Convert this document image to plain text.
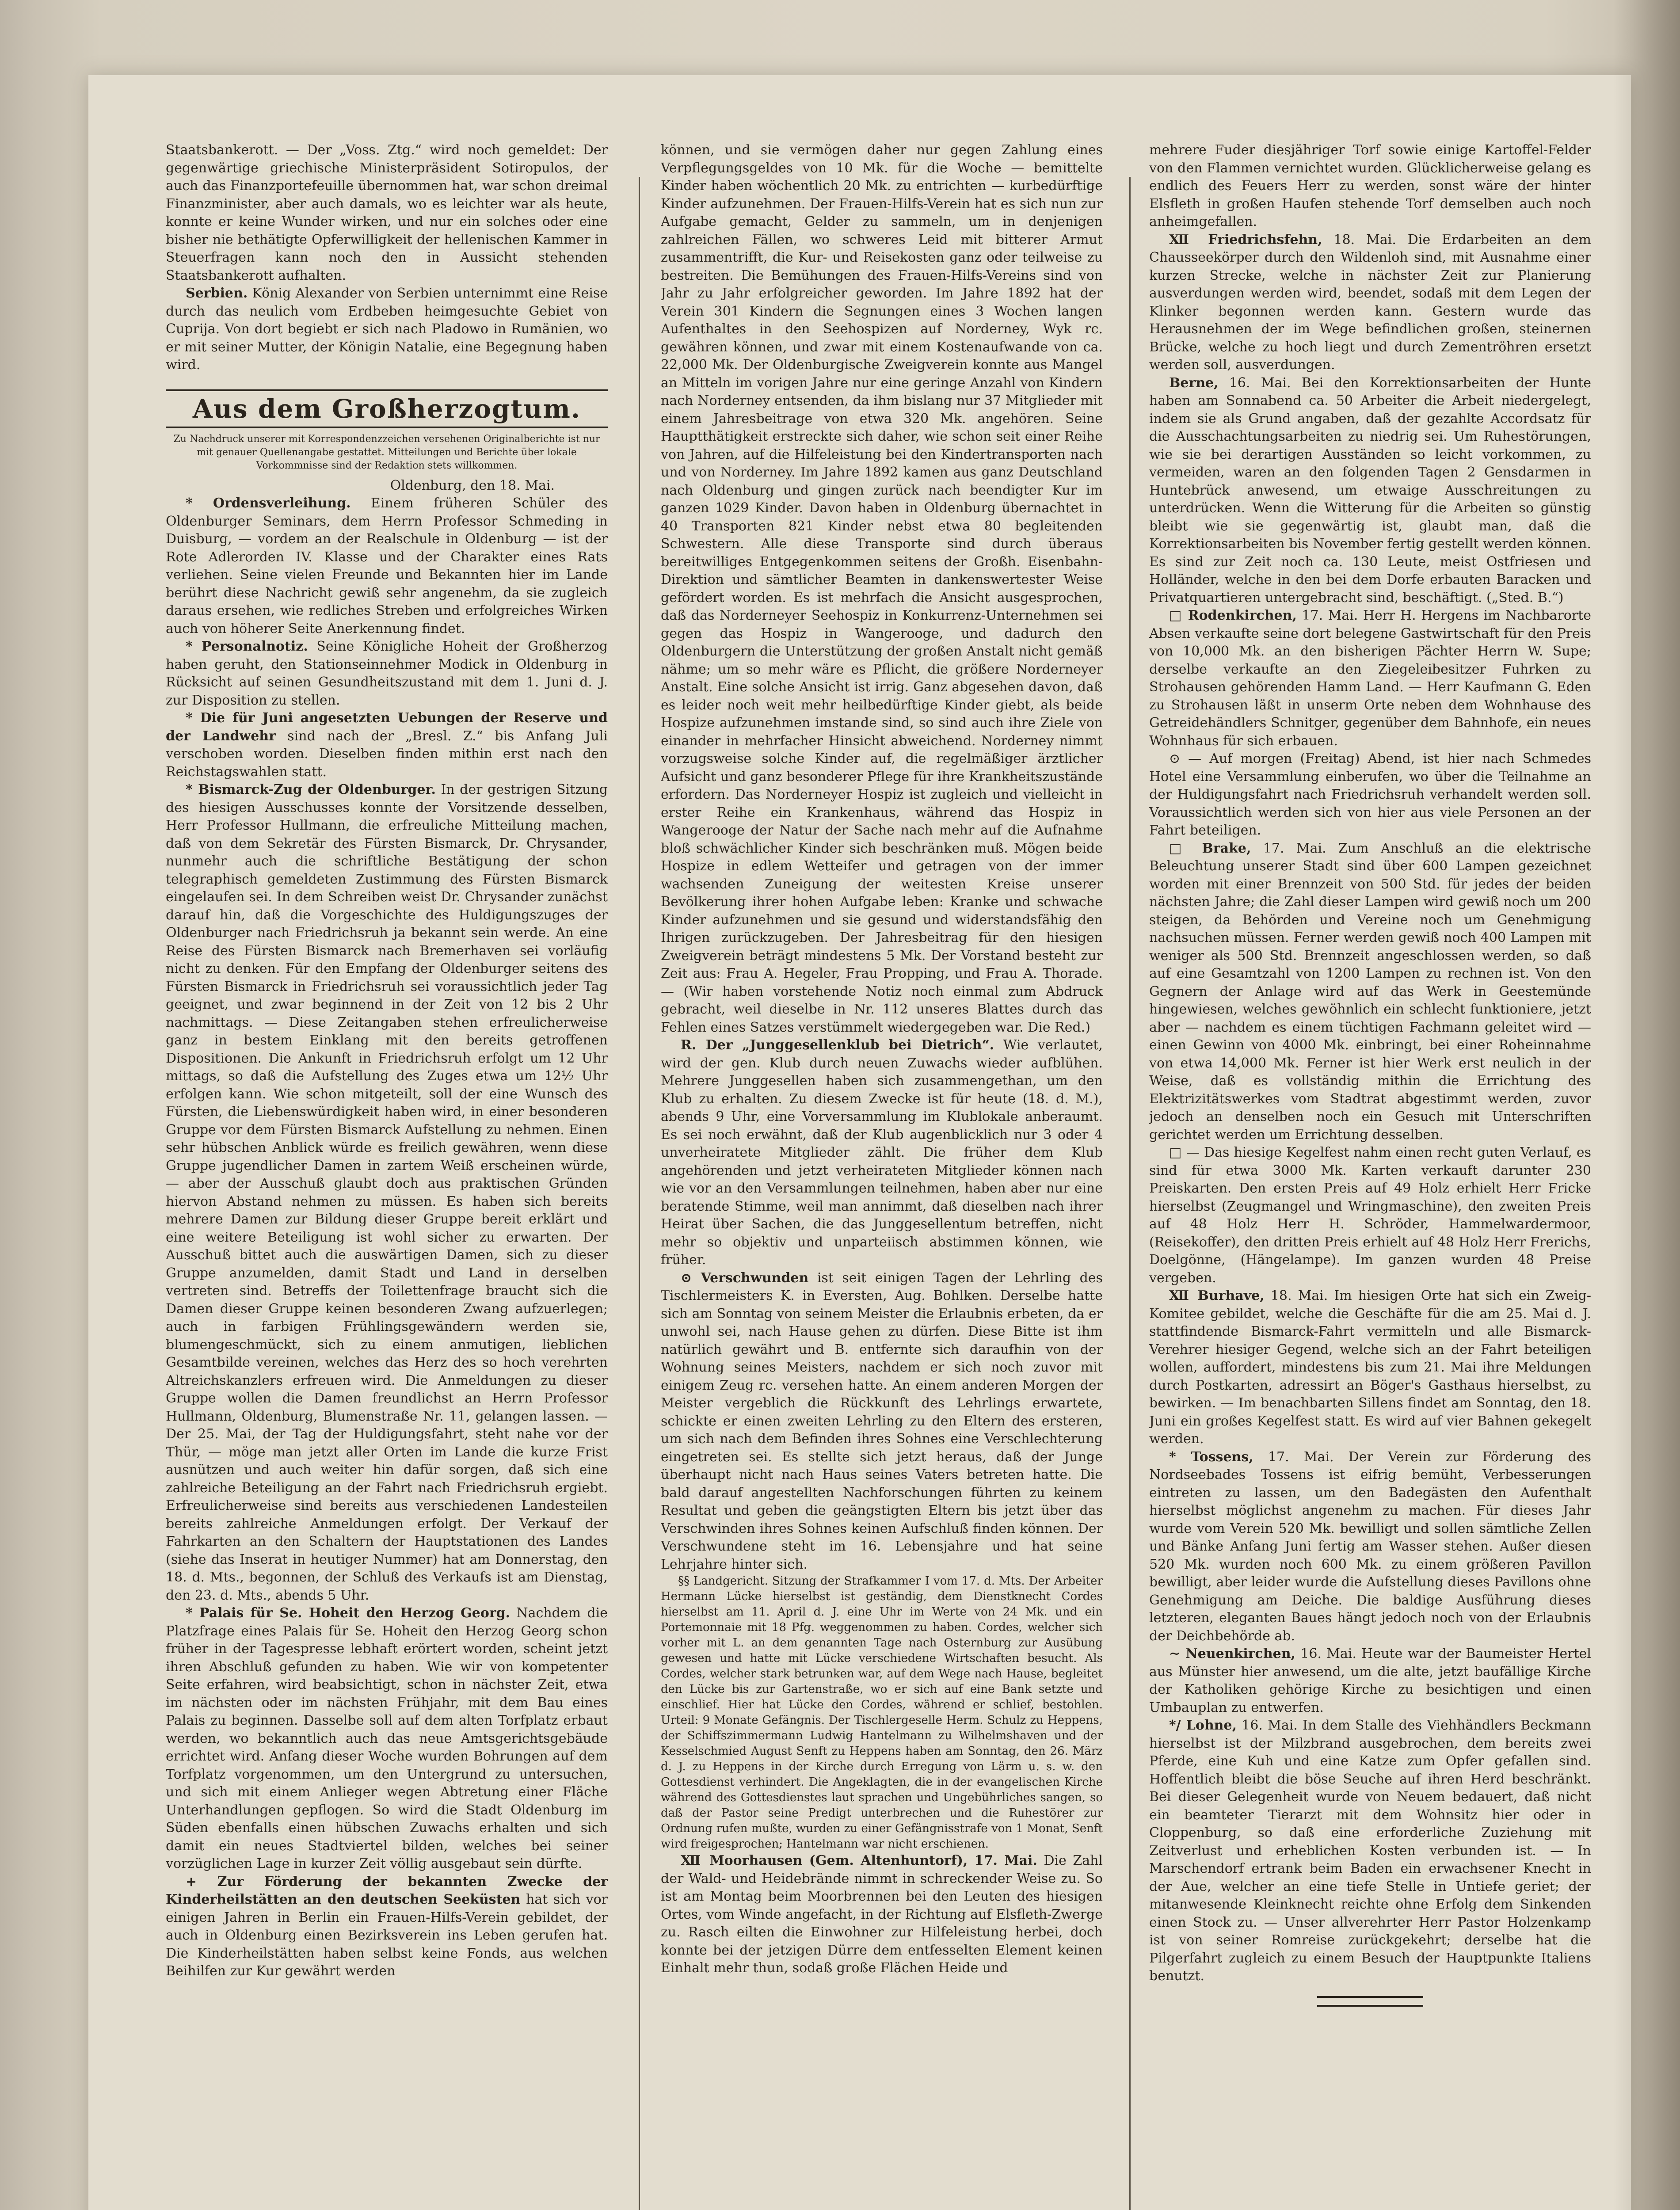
Staatsbankerott. — Der „Voss. Ztg.“ wird noch gemeldet: Der gegenwärtige griechische Ministerpräsident Sotiropulos, der auch das Finanzportefeuille übernommen hat, war schon dreimal Finanzminister, aber auch damals, wo es leichter war als heute, konnte er keine Wunder wirken, und nur ein solches oder eine bisher nie bethätigte Opferwilligkeit der hellenischen Kammer in Steuerfragen kann noch den in Aussicht stehenden Staatsbankerott aufhalten.

Serbien. König Alexander von Serbien unternimmt eine Reise durch das neulich vom Erdbeben heimgesuchte Gebiet von Cuprija. Von dort begiebt er sich nach Pladowo in Rumänien, wo er mit seiner Mutter, der Königin Natalie, eine Begegnung haben wird.

Aus dem Großherzogtum.
Zu Nachdruck unserer mit Korrespondenzzeichen versehenen Originalberichte ist nur mit genauer Quellenangabe gestattet. Mitteilungen und Berichte über lokale Vorkommnisse sind der Redaktion stets willkommen.
Oldenburg, den 18. Mai.

* Ordensverleihung. Einem früheren Schüler des Oldenburger Seminars, dem Herrn Professor Schmeding in Duisburg, — vordem an der Realschule in Oldenburg — ist der Rote Adlerorden IV. Klasse und der Charakter eines Rats verliehen. Seine vielen Freunde und Bekannten hier im Lande berührt diese Nachricht gewiß sehr angenehm, da sie zugleich daraus ersehen, wie redliches Streben und erfolgreiches Wirken auch von höherer Seite Anerkennung findet.

* Personalnotiz. Seine Königliche Hoheit der Großherzog haben geruht, den Stationseinnehmer Modick in Oldenburg in Rücksicht auf seinen Gesundheitszustand mit dem 1. Juni d. J. zur Disposition zu stellen.

* Die für Juni angesetzten Uebungen der Reserve und der Landwehr sind nach der „Bresl. Z.“ bis Anfang Juli verschoben worden. Dieselben finden mithin erst nach den Reichstagswahlen statt.

* Bismarck-Zug der Oldenburger. In der gestrigen Sitzung des hiesigen Ausschusses konnte der Vorsitzende desselben, Herr Professor Hullmann, die erfreuliche Mitteilung machen, daß von dem Sekretär des Fürsten Bismarck, Dr. Chrysander, nunmehr auch die schriftliche Bestätigung der schon telegraphisch gemeldeten Zustimmung des Fürsten Bismarck eingelaufen sei. In dem Schreiben weist Dr. Chrysander zunächst darauf hin, daß die Vorgeschichte des Huldigungszuges der Oldenburger nach Friedrichsruh ja bekannt sein werde. An eine Reise des Fürsten Bismarck nach Bremerhaven sei vorläufig nicht zu denken. Für den Empfang der Oldenburger seitens des Fürsten Bismarck in Friedrichsruh sei voraussichtlich jeder Tag geeignet, und zwar beginnend in der Zeit von 12 bis 2 Uhr nachmittags. — Diese Zeitangaben stehen erfreulicherweise ganz in bestem Einklang mit den bereits getroffenen Dispositionen. Die Ankunft in Friedrichsruh erfolgt um 12 Uhr mittags, so daß die Aufstellung des Zuges etwa um 12½ Uhr erfolgen kann. Wie schon mitgeteilt, soll der eine Wunsch des Fürsten, die Liebenswürdigkeit haben wird, in einer besonderen Gruppe vor dem Fürsten Bismarck Aufstellung zu nehmen. Einen sehr hübschen Anblick würde es freilich gewähren, wenn diese Gruppe jugendlicher Damen in zartem Weiß erscheinen würde, — aber der Ausschuß glaubt doch aus praktischen Gründen hiervon Abstand nehmen zu müssen. Es haben sich bereits mehrere Damen zur Bildung dieser Gruppe bereit erklärt und eine weitere Beteiligung ist wohl sicher zu erwarten. Der Ausschuß bittet auch die auswärtigen Damen, sich zu dieser Gruppe anzumelden, damit Stadt und Land in derselben vertreten sind. Betreffs der Toilettenfrage braucht sich die Damen dieser Gruppe keinen besonderen Zwang aufzuerlegen; auch in farbigen Frühlingsgewändern werden sie, blumengeschmückt, sich zu einem anmutigen, lieblichen Gesamtbilde vereinen, welches das Herz des so hoch verehrten Altreichskanzlers erfreuen wird. Die Anmeldungen zu dieser Gruppe wollen die Damen freundlichst an Herrn Professor Hullmann, Oldenburg, Blumenstraße Nr. 11, gelangen lassen. — Der 25. Mai, der Tag der Huldigungsfahrt, steht nahe vor der Thür, — möge man jetzt aller Orten im Lande die kurze Frist ausnützen und auch weiter hin dafür sorgen, daß sich eine zahlreiche Beteiligung an der Fahrt nach Friedrichsruh ergiebt. Erfreulicherweise sind bereits aus verschiedenen Landesteilen bereits zahlreiche Anmeldungen erfolgt. Der Verkauf der Fahrkarten an den Schaltern der Hauptstationen des Landes (siehe das Inserat in heutiger Nummer) hat am Donnerstag, den 18. d. Mts., begonnen, der Schluß des Verkaufs ist am Dienstag, den 23. d. Mts., abends 5 Uhr.

* Palais für Se. Hoheit den Herzog Georg. Nachdem die Platzfrage eines Palais für Se. Hoheit den Herzog Georg schon früher in der Tagespresse lebhaft erörtert worden, scheint jetzt ihren Abschluß gefunden zu haben. Wie wir von kompetenter Seite erfahren, wird beabsichtigt, schon in nächster Zeit, etwa im nächsten oder im nächsten Frühjahr, mit dem Bau eines Palais zu beginnen. Dasselbe soll auf dem alten Torfplatz erbaut werden, wo bekanntlich auch das neue Amtsgerichtsgebäude errichtet wird. Anfang dieser Woche wurden Bohrungen auf dem Torfplatz vorgenommen, um den Untergrund zu untersuchen, und sich mit einem Anlieger wegen Abtretung einer Fläche Unterhandlungen gepflogen. So wird die Stadt Oldenburg im Süden ebenfalls einen hübschen Zuwachs erhalten und sich damit ein neues Stadtviertel bilden, welches bei seiner vorzüglichen Lage in kurzer Zeit völlig ausgebaut sein dürfte.

+ Zur Förderung der bekannten Zwecke der Kinderheilstätten an den deutschen Seeküsten hat sich vor einigen Jahren in Berlin ein Frauen-Hilfs-Verein gebildet, der auch in Oldenburg einen Bezirksverein ins Leben gerufen hat. Die Kinderheilstätten haben selbst keine Fonds, aus welchen Beihilfen zur Kur gewährt werden

können, und sie vermögen daher nur gegen Zahlung eines Verpflegungsgeldes von 10 Mk. für die Woche — bemittelte Kinder haben wöchentlich 20 Mk. zu entrichten — kurbedürftige Kinder aufzunehmen. Der Frauen-Hilfs-Verein hat es sich nun zur Aufgabe gemacht, Gelder zu sammeln, um in denjenigen zahlreichen Fällen, wo schweres Leid mit bitterer Armut zusammentrifft, die Kur- und Reisekosten ganz oder teilweise zu bestreiten. Die Bemühungen des Frauen-Hilfs-Vereins sind von Jahr zu Jahr erfolgreicher geworden. Im Jahre 1892 hat der Verein 301 Kindern die Segnungen eines 3 Wochen langen Aufenthaltes in den Seehospizen auf Norderney, Wyk rc. gewähren können, und zwar mit einem Kostenaufwande von ca. 22,000 Mk. Der Oldenburgische Zweigverein konnte aus Mangel an Mitteln im vorigen Jahre nur eine geringe Anzahl von Kindern nach Norderney entsenden, da ihm bislang nur 37 Mitglieder mit einem Jahresbeitrage von etwa 320 Mk. angehören. Seine Hauptthätigkeit erstreckte sich daher, wie schon seit einer Reihe von Jahren, auf die Hilfeleistung bei den Kindertransporten nach und von Norderney. Im Jahre 1892 kamen aus ganz Deutschland nach Oldenburg und gingen zurück nach beendigter Kur im ganzen 1029 Kinder. Davon haben in Oldenburg übernachtet in 40 Transporten 821 Kinder nebst etwa 80 begleitenden Schwestern. Alle diese Transporte sind durch überaus bereitwilliges Entgegenkommen seitens der Großh. Eisenbahn-Direktion und sämtlicher Beamten in dankenswertester Weise gefördert worden. Es ist mehrfach die Ansicht ausgesprochen, daß das Norderneyer Seehospiz in Konkurrenz-Unternehmen sei gegen das Hospiz in Wangerooge, und dadurch den Oldenburgern die Unterstützung der großen Anstalt nicht gemäß nähme; um so mehr wäre es Pflicht, die größere Norderneyer Anstalt. Eine solche Ansicht ist irrig. Ganz abgesehen davon, daß es leider noch weit mehr heilbedürftige Kinder giebt, als beide Hospize aufzunehmen imstande sind, so sind auch ihre Ziele von einander in mehrfacher Hinsicht abweichend. Norderney nimmt vorzugsweise solche Kinder auf, die regelmäßiger ärztlicher Aufsicht und ganz besonderer Pflege für ihre Krankheitszustände erfordern. Das Norderneyer Hospiz ist zugleich und vielleicht in erster Reihe ein Krankenhaus, während das Hospiz in Wangerooge der Natur der Sache nach mehr auf die Aufnahme bloß schwächlicher Kinder sich beschränken muß. Mögen beide Hospize in edlem Wetteifer und getragen von der immer wachsenden Zuneigung der weitesten Kreise unserer Bevölkerung ihrer hohen Aufgabe leben: Kranke und schwache Kinder aufzunehmen und sie gesund und widerstandsfähig den Ihrigen zurückzugeben. Der Jahresbeitrag für den hiesigen Zweigverein beträgt mindestens 5 Mk. Der Vorstand besteht zur Zeit aus: Frau A. Hegeler, Frau Propping, und Frau A. Thorade. — (Wir haben vorstehende Notiz noch einmal zum Abdruck gebracht, weil dieselbe in Nr. 112 unseres Blattes durch das Fehlen eines Satzes verstümmelt wiedergegeben war. Die Red.)

R. Der „Junggesellenklub bei Dietrich“. Wie verlautet, wird der gen. Klub durch neuen Zuwachs wieder aufblühen. Mehrere Junggesellen haben sich zusammengethan, um den Klub zu erhalten. Zu diesem Zwecke ist für heute (18. d. M.), abends 9 Uhr, eine Vorversammlung im Klublokale anberaumt. Es sei noch erwähnt, daß der Klub augenblicklich nur 3 oder 4 unverheiratete Mitglieder zählt. Die früher dem Klub angehörenden und jetzt verheirateten Mitglieder können nach wie vor an den Versammlungen teilnehmen, haben aber nur eine beratende Stimme, weil man annimmt, daß dieselben nach ihrer Heirat über Sachen, die das Junggesellentum betreffen, nicht mehr so objektiv und unparteiisch abstimmen können, wie früher.

⊙ Verschwunden ist seit einigen Tagen der Lehrling des Tischlermeisters K. in Eversten, Aug. Bohlken. Derselbe hatte sich am Sonntag von seinem Meister die Erlaubnis erbeten, da er unwohl sei, nach Hause gehen zu dürfen. Diese Bitte ist ihm natürlich gewährt und B. entfernte sich daraufhin von der Wohnung seines Meisters, nachdem er sich noch zuvor mit einigem Zeug rc. versehen hatte. An einem anderen Morgen der Meister vergeblich die Rückkunft des Lehrlings erwartete, schickte er einen zweiten Lehrling zu den Eltern des ersteren, um sich nach dem Befinden ihres Sohnes eine Verschlechterung eingetreten sei. Es stellte sich jetzt heraus, daß der Junge überhaupt nicht nach Haus seines Vaters betreten hatte. Die bald darauf angestellten Nachforschungen führten zu keinem Resultat und geben die geängstigten Eltern bis jetzt über das Verschwinden ihres Sohnes keinen Aufschluß finden können. Der Verschwundene steht im 16. Lebensjahre und hat seine Lehrjahre hinter sich.

§§ Landgericht. Sitzung der Strafkammer I vom 17. d. Mts. Der Arbeiter Hermann Lücke hierselbst ist geständig, dem Dienstknecht Cordes hierselbst am 11. April d. J. eine Uhr im Werte von 24 Mk. und ein Portemonnaie mit 18 Pfg. weggenommen zu haben. Cordes, welcher sich vorher mit L. an dem genannten Tage nach Osternburg zur Ausübung gewesen und hatte mit Lücke verschiedene Wirtschaften besucht. Als Cordes, welcher stark betrunken war, auf dem Wege nach Hause, begleitet den Lücke bis zur Gartenstraße, wo er sich auf eine Bank setzte und einschlief. Hier hat Lücke den Cordes, während er schlief, bestohlen. Urteil: 9 Monate Gefängnis. Der Tischlergeselle Herm. Schulz zu Heppens, der Schiffszimmermann Ludwig Hantelmann zu Wilhelmshaven und der Kesselschmied August Senft zu Heppens haben am Sonntag, den 26. März d. J. zu Heppens in der Kirche durch Erregung von Lärm u. s. w. den Gottesdienst verhindert. Die Angeklagten, die in der evangelischen Kirche während des Gottesdienstes laut sprachen und Ungebührliches sangen, so daß der Pastor seine Predigt unterbrechen und die Ruhestörer zur Ordnung rufen mußte, wurden zu einer Gefängnisstrafe von 1 Monat, Senft wird freigesprochen; Hantelmann war nicht erschienen.

Ⅻ Moorhausen (Gem. Altenhuntorf), 17. Mai. Die Zahl der Wald- und Heidebrände nimmt in schreckender Weise zu. So ist am Montag beim Moorbrennen bei den Leuten des hiesigen Ortes, vom Winde angefacht, in der Richtung auf Elsfleth-Zwerge zu. Rasch eilten die Einwohner zur Hilfeleistung herbei, doch konnte bei der jetzigen Dürre dem entfesselten Element keinen Einhalt mehr thun, sodaß große Flächen Heide und

mehrere Fuder diesjähriger Torf sowie einige Kartoffel-Felder von den Flammen vernichtet wurden. Glücklicherweise gelang es endlich des Feuers Herr zu werden, sonst wäre der hinter Elsfleth in großen Haufen stehende Torf demselben auch noch anheimgefallen.

Ⅻ Friedrichsfehn, 18. Mai. Die Erdarbeiten an dem Chausseekörper durch den Wildenloh sind, mit Ausnahme einer kurzen Strecke, welche in nächster Zeit zur Planierung ausverdungen werden wird, beendet, sodaß mit dem Legen der Klinker begonnen werden kann. Gestern wurde das Herausnehmen der im Wege befindlichen großen, steinernen Brücke, welche zu hoch liegt und durch Zementröhren ersetzt werden soll, ausverdungen.

Berne, 16. Mai. Bei den Korrektionsarbeiten der Hunte haben am Sonnabend ca. 50 Arbeiter die Arbeit niedergelegt, indem sie als Grund angaben, daß der gezahlte Accordsatz für die Ausschachtungsarbeiten zu niedrig sei. Um Ruhestörungen, wie sie bei derartigen Ausständen so leicht vorkommen, zu vermeiden, waren an den folgenden Tagen 2 Gensdarmen in Huntebrück anwesend, um etwaige Ausschreitungen zu unterdrücken. Wenn die Witterung für die Arbeiten so günstig bleibt wie sie gegenwärtig ist, glaubt man, daß die Korrektionsarbeiten bis November fertig gestellt werden können. Es sind zur Zeit noch ca. 130 Leute, meist Ostfriesen und Holländer, welche in den bei dem Dorfe erbauten Baracken und Privatquartieren untergebracht sind, beschäftigt. („Sted. B.“)

□ Rodenkirchen, 17. Mai. Herr H. Hergens im Nachbarorte Absen verkaufte seine dort belegene Gastwirtschaft für den Preis von 10,000 Mk. an den bisherigen Pächter Herrn W. Supe; derselbe verkaufte an den Ziegeleibesitzer Fuhrken zu Strohausen gehörenden Hamm Land. — Herr Kaufmann G. Eden zu Strohausen läßt in unserm Orte neben dem Wohnhause des Getreidehändlers Schnitger, gegenüber dem Bahnhofe, ein neues Wohnhaus für sich erbauen.

⊙ — Auf morgen (Freitag) Abend, ist hier nach Schmedes Hotel eine Versammlung einberufen, wo über die Teilnahme an der Huldigungsfahrt nach Friedrichsruh verhandelt werden soll. Voraussichtlich werden sich von hier aus viele Personen an der Fahrt beteiligen.

□ Brake, 17. Mai. Zum Anschluß an die elektrische Beleuchtung unserer Stadt sind über 600 Lampen gezeichnet worden mit einer Brennzeit von 500 Std. für jedes der beiden nächsten Jahre; die Zahl dieser Lampen wird gewiß noch um 200 steigen, da Behörden und Vereine noch um Genehmigung nachsuchen müssen. Ferner werden gewiß noch 400 Lampen mit weniger als 500 Std. Brennzeit angeschlossen werden, so daß auf eine Gesamtzahl von 1200 Lampen zu rechnen ist. Von den Gegnern der Anlage wird auf das Werk in Geestemünde hingewiesen, welches gewöhnlich ein schlecht funktioniere, jetzt aber — nachdem es einem tüchtigen Fachmann geleitet wird — einen Gewinn von 4000 Mk. einbringt, bei einer Roheinnahme von etwa 14,000 Mk. Ferner ist hier Werk erst neulich in der Weise, daß es vollständig mithin die Errichtung des Elektrizitätswerkes vom Stadtrat abgestimmt werden, zuvor jedoch an denselben noch ein Gesuch mit Unterschriften gerichtet werden um Errichtung desselben.

□ — Das hiesige Kegelfest nahm einen recht guten Verlauf, es sind für etwa 3000 Mk. Karten verkauft darunter 230 Preiskarten. Den ersten Preis auf 49 Holz erhielt Herr Fricke hierselbst (Zeugmangel und Wringmaschine), den zweiten Preis auf 48 Holz Herr H. Schröder, Hammelwardermoor, (Reisekoffer), den dritten Preis erhielt auf 48 Holz Herr Frerichs, Doelgönne, (Hängelampe). Im ganzen wurden 48 Preise vergeben.

Ⅻ Burhave, 18. Mai. Im hiesigen Orte hat sich ein Zweig-Komitee gebildet, welche die Geschäfte für die am 25. Mai d. J. stattfindende Bismarck-Fahrt vermitteln und alle Bismarck-Verehrer hiesiger Gegend, welche sich an der Fahrt beteiligen wollen, auffordert, mindestens bis zum 21. Mai ihre Meldungen durch Postkarten, adressirt an Böger's Gasthaus hierselbst, zu bewirken. — Im benachbarten Sillens findet am Sonntag, den 18. Juni ein großes Kegelfest statt. Es wird auf vier Bahnen gekegelt werden.

* Tossens, 17. Mai. Der Verein zur Förderung des Nordseebades Tossens ist eifrig bemüht, Verbesserungen eintreten zu lassen, um den Badegästen den Aufenthalt hierselbst möglichst angenehm zu machen. Für dieses Jahr wurde vom Verein 520 Mk. bewilligt und sollen sämtliche Zellen und Bänke Anfang Juni fertig am Wasser stehen. Außer diesen 520 Mk. wurden noch 600 Mk. zu einem größeren Pavillon bewilligt, aber leider wurde die Aufstellung dieses Pavillons ohne Genehmigung am Deiche. Die baldige Ausführung dieses letzteren, eleganten Baues hängt jedoch noch von der Erlaubnis der Deichbehörde ab.

∼ Neuenkirchen, 16. Mai. Heute war der Baumeister Hertel aus Münster hier anwesend, um die alte, jetzt baufällige Kirche der Katholiken gehörige Kirche zu besichtigen und einen Umbauplan zu entwerfen.

*/ Lohne, 16. Mai. In dem Stalle des Viehhändlers Beckmann hierselbst ist der Milzbrand ausgebrochen, dem bereits zwei Pferde, eine Kuh und eine Katze zum Opfer gefallen sind. Hoffentlich bleibt die böse Seuche auf ihren Herd beschränkt. Bei dieser Gelegenheit wurde von Neuem bedauert, daß nicht ein beamteter Tierarzt mit dem Wohnsitz hier oder in Cloppenburg, so daß eine erforderliche Zuziehung mit Zeitverlust und erheblichen Kosten verbunden ist. — In Marschendorf ertrank beim Baden ein erwachsener Knecht in der Aue, welcher an eine tiefe Stelle in Untiefe geriet; der mitanwesende Kleinknecht reichte ohne Erfolg dem Sinkenden einen Stock zu. — Unser allverehrter Herr Pastor Holzenkamp ist von seiner Romreise zurückgekehrt; derselbe hat die Pilgerfahrt zugleich zu einem Besuch der Hauptpunkte Italiens benutzt.
